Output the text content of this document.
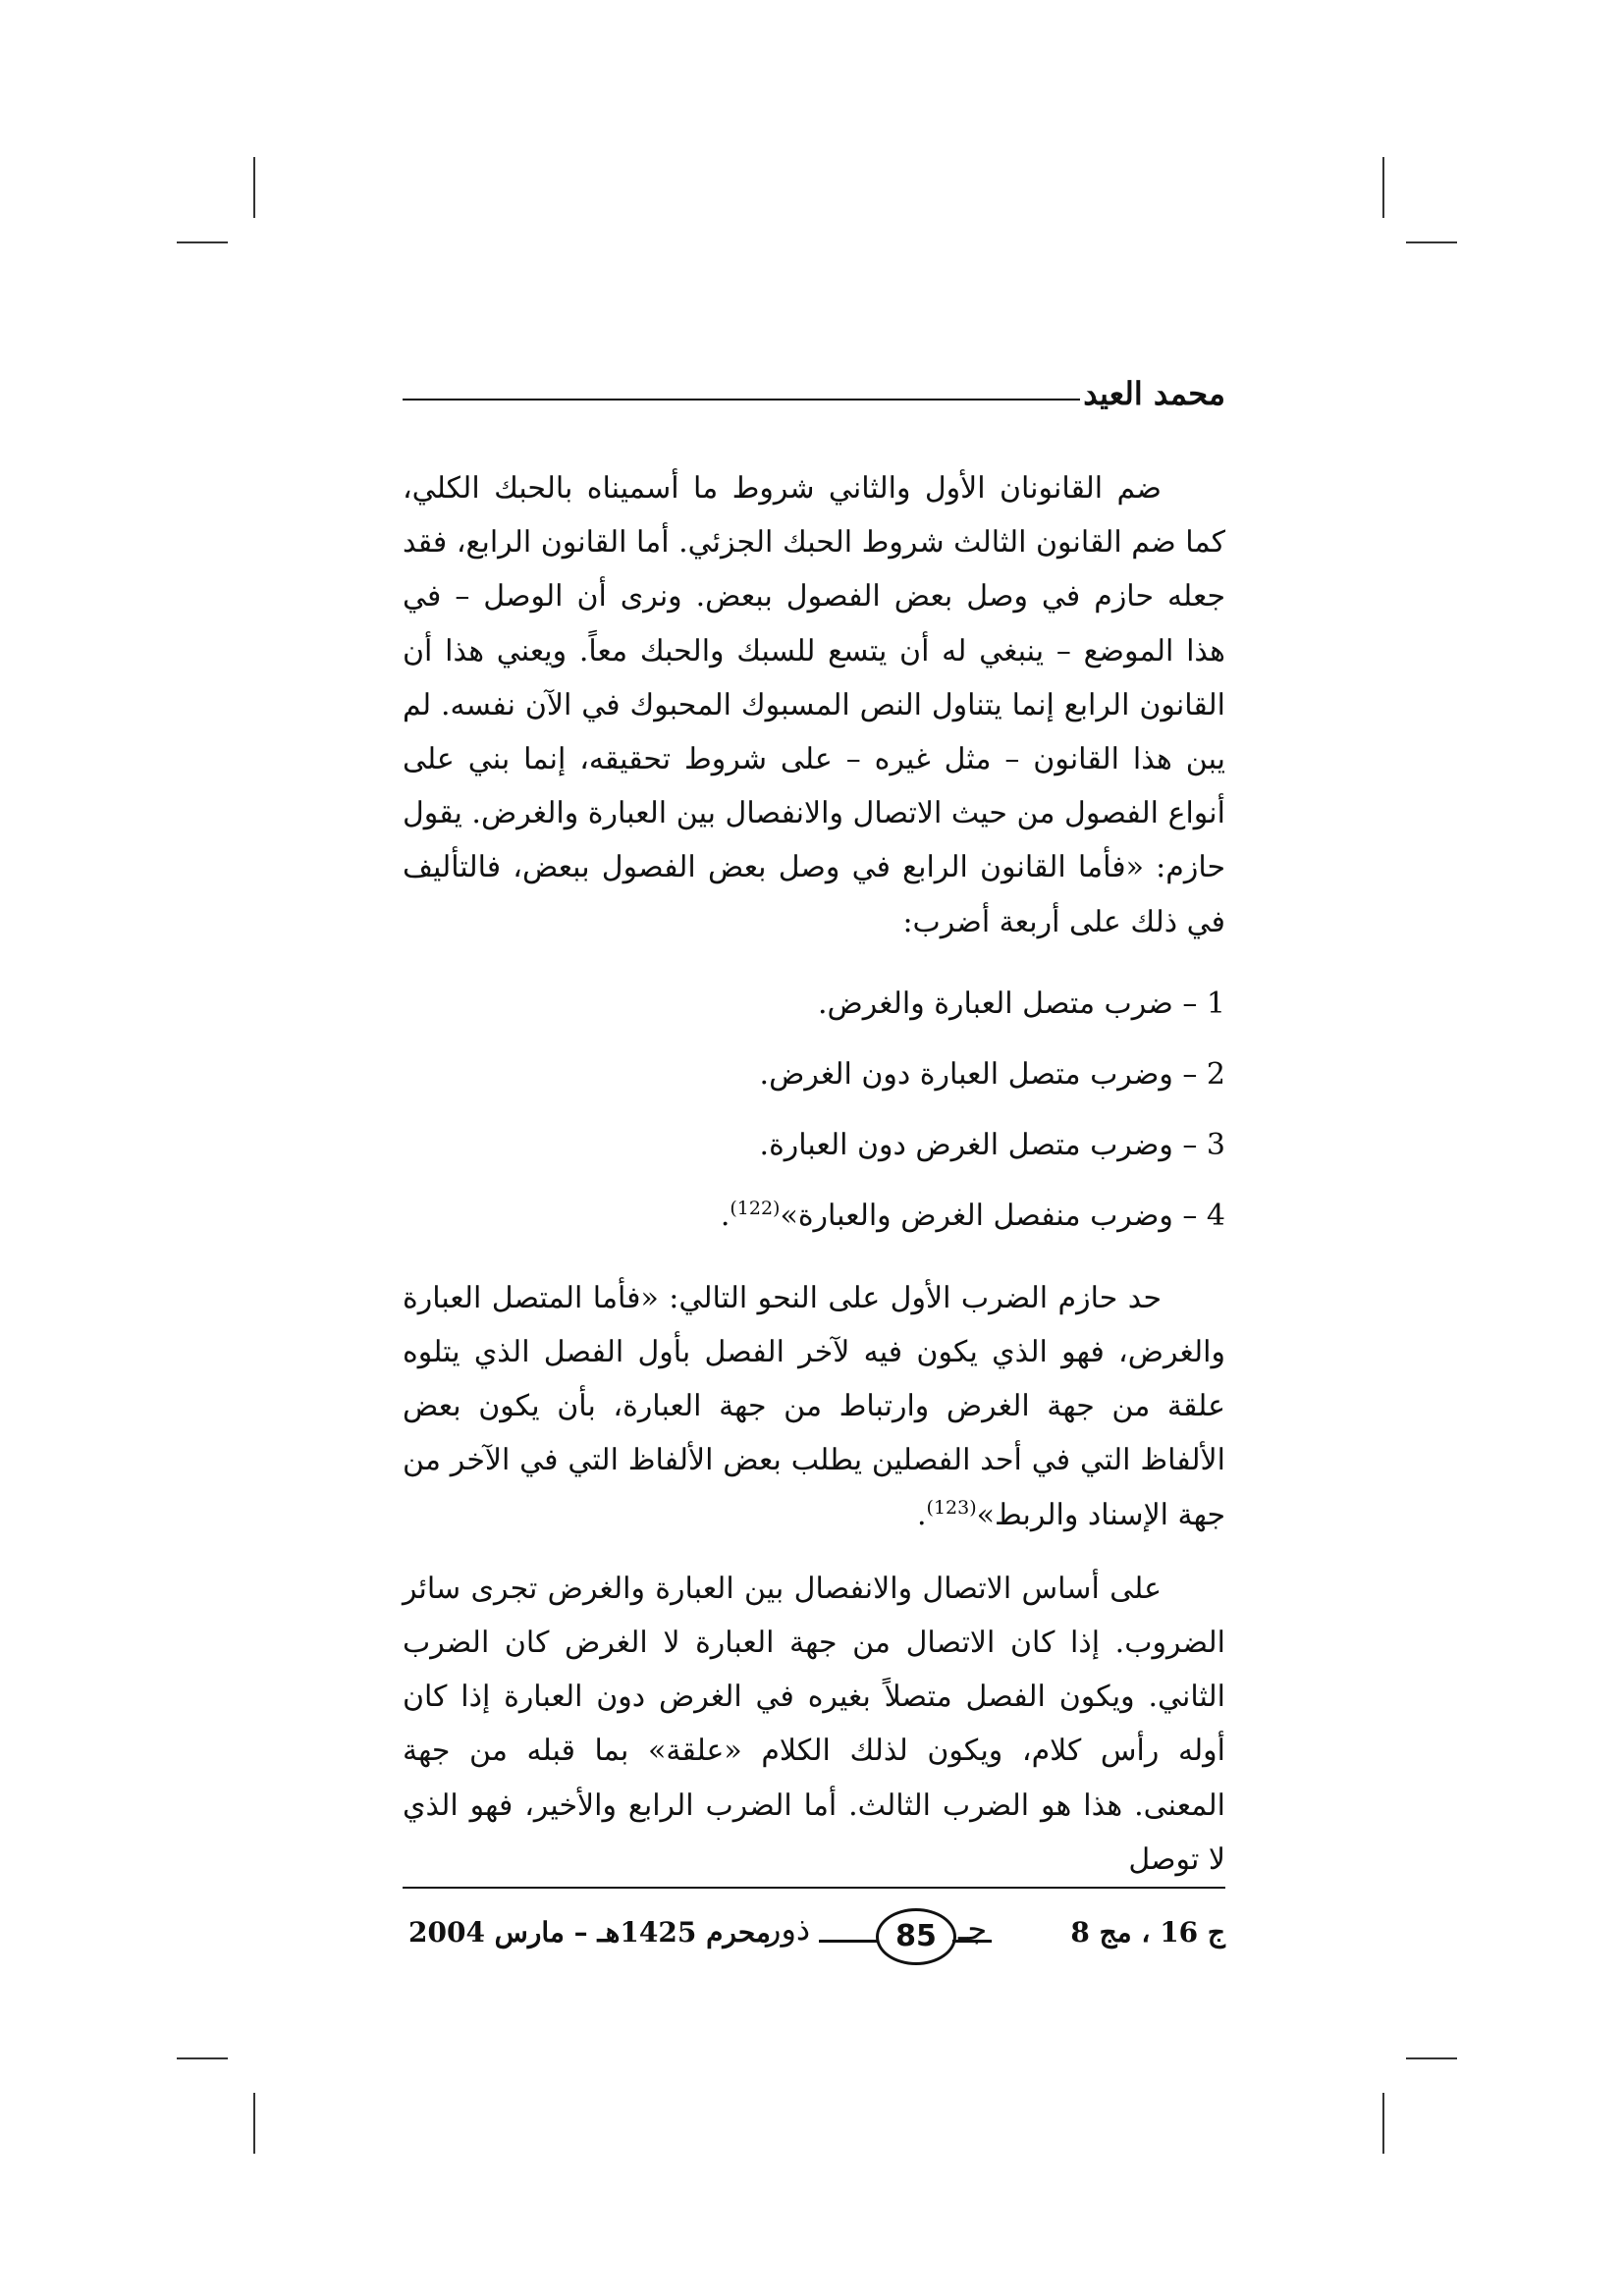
محمد العيد

ضم القانونان الأول والثاني شروط ما أسميناه بالحبك الكلي، كما ضم القانون الثالث شروط الحبك الجزئي. أما القانون الرابع، فقد جعله حازم في وصل بعض الفصول ببعض. ونرى أن الوصل – في هذا الموضع – ينبغي له أن يتسع للسبك والحبك معاً. ويعني هذا أن القانون الرابع إنما يتناول النص المسبوك المحبوك في الآن نفسه. لم يبن هذا القانون – مثل غيره – على شروط تحقيقه، إنما بني على أنواع الفصول من حيث الاتصال والانفصال بين العبارة والغرض. يقول حازم: «فأما القانون الرابع في وصل بعض الفصول ببعض، فالتأليف في ذلك على أربعة أضرب:

1 – ضرب متصل العبارة والغرض.
2 – وضرب متصل العبارة دون الغرض.
3 – وضرب متصل الغرض دون العبارة.
4 – وضرب منفصل الغرض والعبارة»$^{(122)}$.

حد حازم الضرب الأول على النحو التالي: «فأما المتصل العبارة والغرض، فهو الذي يكون فيه لآخر الفصل بأول الفصل الذي يتلوه علقة من جهة الغرض وارتباط من جهة العبارة، بأن يكون بعض الألفاظ التي في أحد الفصلين يطلب بعض الألفاظ التي في الآخر من جهة الإسناد والربط»$^{(123)}$.

على أساس الاتصال والانفصال بين العبارة والغرض تجرى سائر الضروب. إذا كان الاتصال من جهة العبارة لا الغرض كان الضرب الثاني. ويكون الفصل متصلاً بغيره في الغرض دون العبارة إذا كان أوله رأس كلام، ويكون لذلك الكلام «علقة» بما قبله من جهة المعنى. هذا هو الضرب الثالث. أما الضرب الرابع والأخير، فهو الذي لا توصل

محرم 1425هـ – مارس 2004
ذور	85 جـ	ج 16 ، مج 8
